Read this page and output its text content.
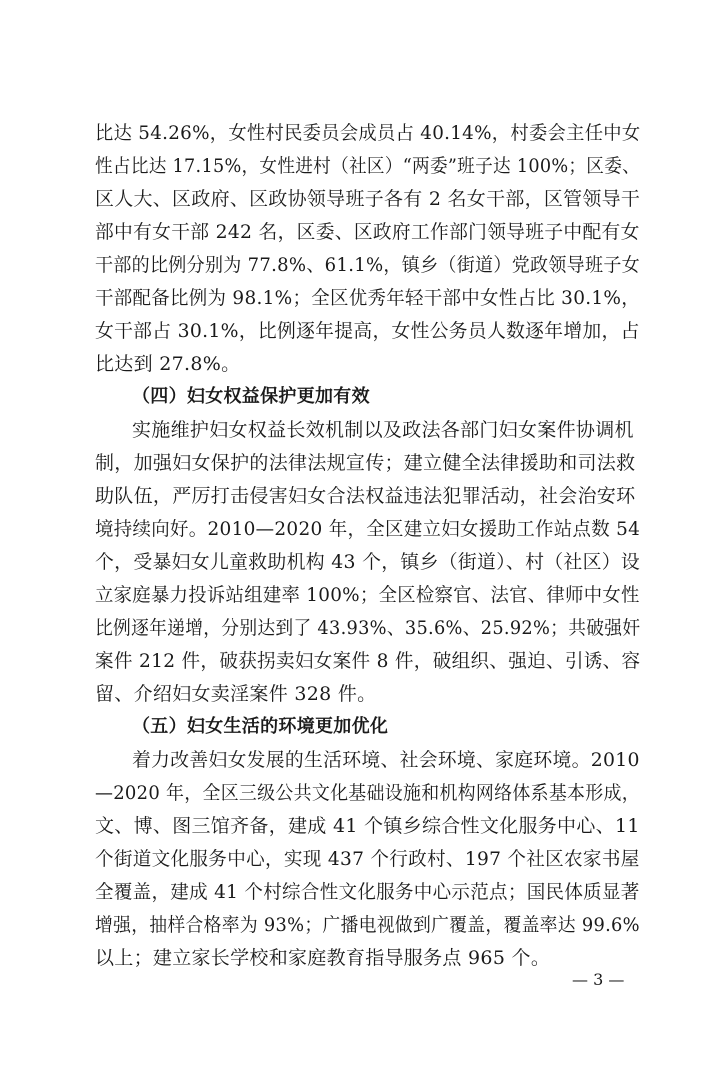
比达 54.26%，女性村民委员会成员占 40.14%，村委会主任中女
性占比达 17.15%，女性进村（社区）“两委”班子达 100%；区委、
区人大、区政府、区政协领导班子各有 2 名女干部，区管领导干
部中有女干部 242 名，区委、区政府工作部门领导班子中配有女
干部的比例分别为 77.8%、61.1%，镇乡（街道）党政领导班子女
干部配备比例为 98.1%；全区优秀年轻干部中女性占比 30.1%，
女干部占 30.1%，比例逐年提高，女性公务员人数逐年增加，占
比达到 27.8%。
（四）妇女权益保护更加有效
实施维护妇女权益长效机制以及政法各部门妇女案件协调机
制，加强妇女保护的法律法规宣传；建立健全法律援助和司法救
助队伍，严厉打击侵害妇女合法权益违法犯罪活动，社会治安环
境持续向好。2010—2020 年，全区建立妇女援助工作站点数 54
个，受暴妇女儿童救助机构 43 个，镇乡（街道）、村（社区）设
立家庭暴力投诉站组建率 100%；全区检察官、法官、律师中女性
比例逐年递增，分别达到了 43.93%、35.6%、25.92%；共破强奸
案件 212 件，破获拐卖妇女案件 8 件，破组织、强迫、引诱、容
留、介绍妇女卖淫案件 328 件。
（五）妇女生活的环境更加优化
着力改善妇女发展的生活环境、社会环境、家庭环境。2010
—2020 年，全区三级公共文化基础设施和机构网络体系基本形成，
文、博、图三馆齐备，建成 41 个镇乡综合性文化服务中心、11
个街道文化服务中心，实现 437 个行政村、197 个社区农家书屋
全覆盖，建成 41 个村综合性文化服务中心示范点；国民体质显著
增强，抽样合格率为 93%；广播电视做到广覆盖，覆盖率达 99.6%
以上；建立家长学校和家庭教育指导服务点 965 个。
— 3 —
